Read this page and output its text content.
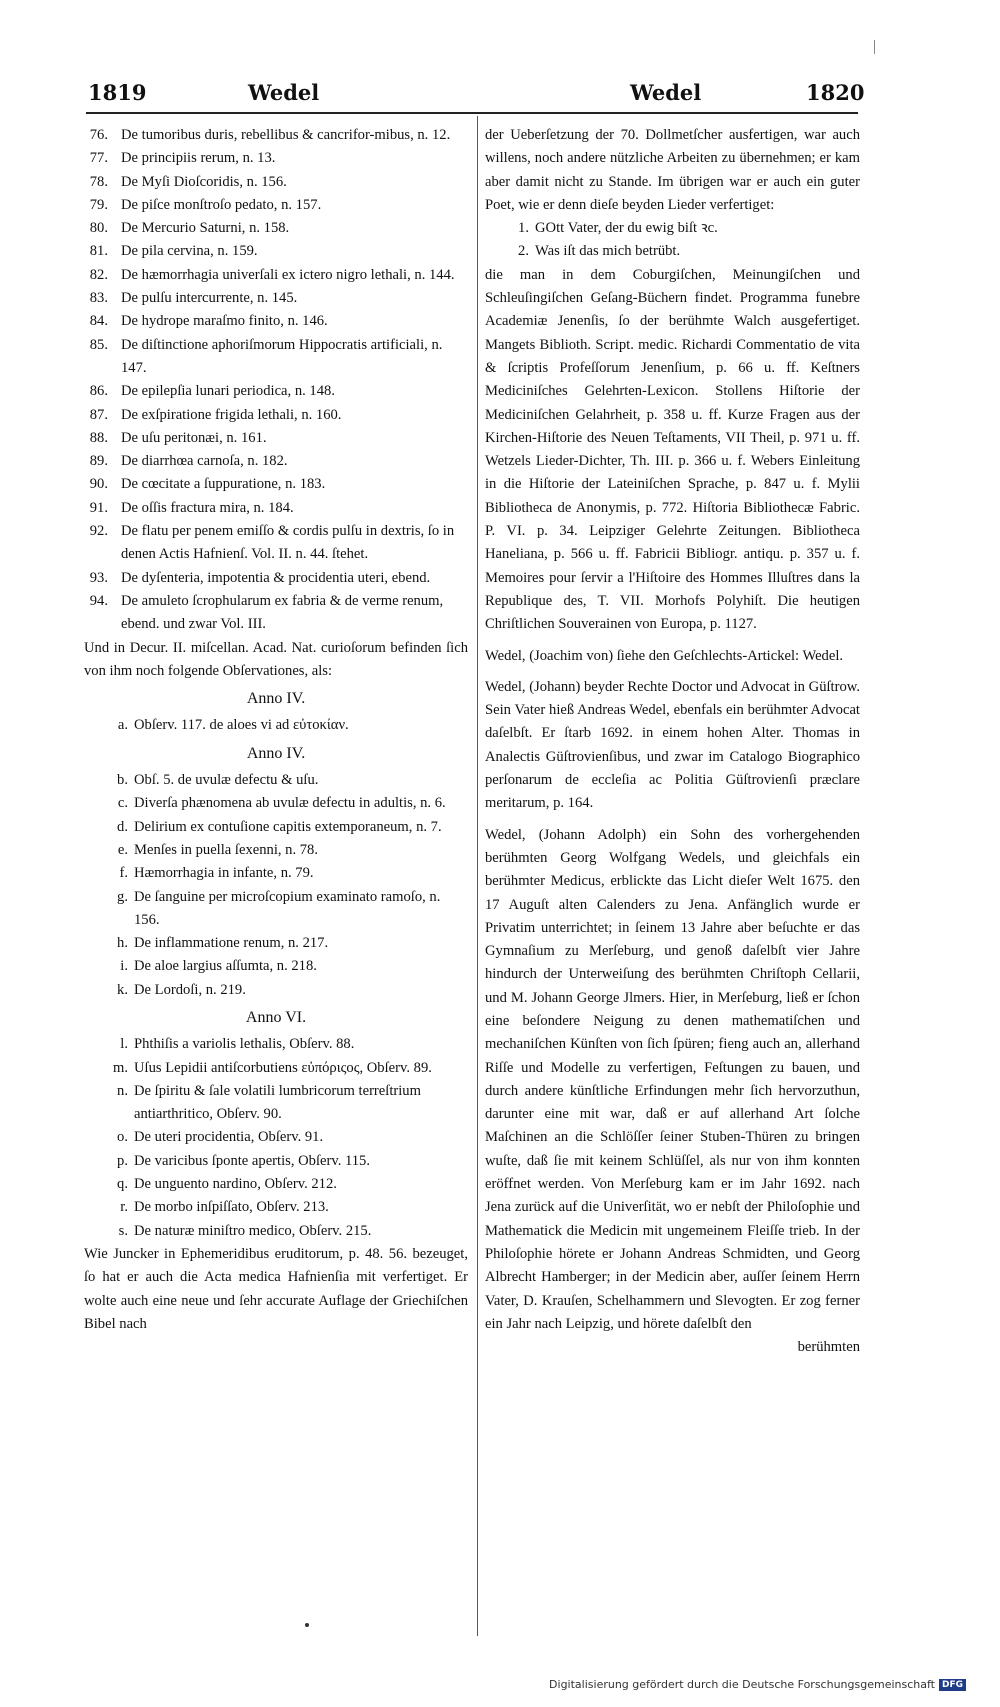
1819	Wedel	Wedel	1820
76. De tumoribus duris, rebellibus & cancrifor-mibus, n. 12.
77. De principiis rerum, n. 13.
78. De Myſi Dioſcoridis, n. 156.
79. De piſce monſtroſo pedato, n. 157.
80. De Mercurio Saturni, n. 158.
81. De pila cervina, n. 159.
82. De hæmorrhagia univerſali ex ictero nigro lethali, n. 144.
83. De pulſu intercurrente, n. 145.
84. De hydrope maraſmo finito, n. 146.
85. De diſtinctione aphoriſmorum Hippocratis artificiali, n. 147.
86. De epilepſia lunari periodica, n. 148.
87. De exſpiratione frigida lethali, n. 160.
88. De uſu peritonæi, n. 161.
89. De diarrhœa carnoſa, n. 182.
90. De cœcitate a ſuppuratione, n. 183.
91. De oſſis fractura mira, n. 184.
92. De flatu per penem emiſſo & cordis pulſu in dextris, ſo in denen Actis Hafnienſ. Vol. II. n. 44. ſtehet.
93. De dyſenteria, impotentia & procidentia uteri, ebend.
94. De amuleto ſcrophularum ex fabria & de verme renum, ebend. und zwar Vol. III.

Und in Decur. II. miſcellan. Acad. Nat. curioſorum befinden ſich von ihm noch folgende Obſervationes, als:

Anno IV.
a. Obſerv. 117. de aloes vi ad εὐτοκίαν.
Anno IV.
b. Obſ. 5. de uvulæ defectu & uſu.
c. Diverſa phænomena ab uvulæ defectu in adultis, n. 6.
d. Delirium ex contuſione capitis extemporaneum, n. 7.
e. Menſes in puella ſexenni, n. 78.
f. Hæmorrhagia in infante, n. 79.
g. De ſanguine per microſcopium examinato ramoſo, n. 156.
h. De inflammatione renum, n. 217.
i. De aloe largius aſſumta, n. 218.
k. De Lordoſi, n. 219.
Anno VI.
l. Phthiſis a variolis lethalis, Obſerv. 88.
m. Uſus Lepidii antiſcorbutiens εὐπόριςος, Obſerv. 89.
n. De ſpiritu & ſale volatili lumbricorum terreſtrium antiarthritico, Obſerv. 90.
o. De uteri procidentia, Obſerv. 91.
p. De varicibus ſponte apertis, Obſerv. 115.
q. De unguento nardino, Obſerv. 212.
r. De morbo inſpiſſato, Obſerv. 213.
s. De naturæ miniſtro medico, Obſerv. 215.

Wie Juncker in Ephemeridibus eruditorum, p. 48. 56. bezeuget, ſo hat er auch die Acta medica Hafnienſia mit verfertiget. Er wolte auch eine neue und ſehr accurate Auflage der Griechiſchen Bibel nach

der Ueberſetzung der 70. Dollmetſcher ausfertigen, war auch willens, noch andere nützliche Arbeiten zu übernehmen; er kam aber damit nicht zu Stande. Im übrigen war er auch ein guter Poet, wie er denn dieſe beyden Lieder verfertiget:

1. GOtt Vater, der du ewig biſt ꝛc.
2. Was iſt das mich betrübt.

die man in dem Coburgiſchen, Meinungiſchen und Schleuſingiſchen Geſang-Büchern findet. Programma funebre Academiæ Jenenſis, ſo der berühmte Walch ausgefertiget. Mangets Biblioth. Script. medic. Richardi Commentatio de vita & ſcriptis Profeſſorum Jenenſium, p. 66 u. ff. Keſtners Mediciniſches Gelehrten-Lexicon. Stollens Hiſtorie der Mediciniſchen Gelahrheit, p. 358 u. ff. Kurze Fragen aus der Kirchen-Hiſtorie des Neuen Teſtaments, VII Theil, p. 971 u. ff. Wetzels Lieder-Dichter, Th. III. p. 366 u. f. Webers Einleitung in die Hiſtorie der Lateiniſchen Sprache, p. 847 u. f. Mylii Bibliotheca de Anonymis, p. 772. Hiſtoria Bibliothecæ Fabric. P. VI. p. 34. Leipziger Gelehrte Zeitungen. Bibliotheca Haneliana, p. 566 u. ff. Fabricii Bibliogr. antiqu. p. 357 u. f. Memoires pour ſervir a l'Hiſtoire des Hommes Illuſtres dans la Republique des, T. VII. Morhofs Polyhiſt. Die heutigen Chriſtlichen Souverainen von Europa, p. 1127.

Wedel, (Joachim von) ſiehe den Geſchlechts-Artickel: Wedel.

Wedel, (Johann) beyder Rechte Doctor und Advocat in Güſtrow. Sein Vater hieß Andreas Wedel, ebenfals ein berühmter Advocat daſelbſt. Er ſtarb 1692. in einem hohen Alter. Thomas in Analectis Güſtrovienſibus, und zwar im Catalogo Biographico perſonarum de eccleſia ac Politia Güſtrovienſi præclare meritarum, p. 164.

Wedel, (Johann Adolph) ein Sohn des vorhergehenden berühmten Georg Wolfgang Wedels, und gleichfals ein berühmter Medicus, erblickte das Licht dieſer Welt 1675. den 17 Auguſt alten Calenders zu Jena. Anfänglich wurde er Privatim unterrichtet; in ſeinem 13 Jahre aber beſuchte er das Gymnaſium zu Merſeburg, und genoß daſelbſt vier Jahre hindurch der Unterweiſung des berühmten Chriſtoph Cellarii, und M. Johann George Jlmers. Hier, in Merſeburg, ließ er ſchon eine beſondere Neigung zu denen mathematiſchen und mechaniſchen Künſten von ſich ſpüren; fieng auch an, allerhand Riſſe und Modelle zu verfertigen, Feſtungen zu bauen, und durch andere künſtliche Erfindungen mehr ſich hervorzuthun, darunter eine mit war, daß er auf allerhand Art ſolche Maſchinen an die Schlöſſer ſeiner Stuben-Thüren zu bringen wuſte, daß ſie mit keinem Schlüſſel, als nur von ihm konnten eröffnet werden. Von Merſeburg kam er im Jahr 1692. nach Jena zurück auf die Univerſität, wo er nebſt der Philoſophie und Mathematick die Medicin mit ungemeinem Fleiſſe trieb. In der Philoſophie hörete er Johann Andreas Schmidten, und Georg Albrecht Hamberger; in der Medicin aber, auſſer ſeinem Herrn Vater, D. Krauſen, Schelhammern und Slevogten. Er zog ferner ein Jahr nach Leipzig, und hörete daſelbſt den

berühmten
Digitalisierung gefördert durch die Deutsche Forschungsgemeinschaft DFG
